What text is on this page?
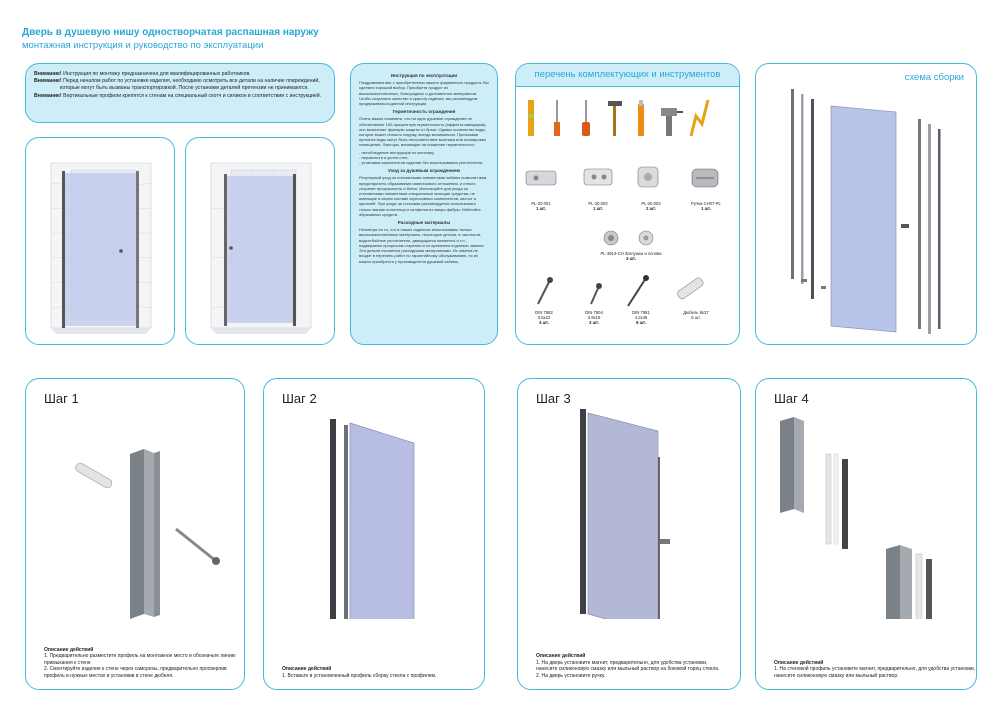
Дверь в душевую нишу одностворчатая распашная наружу
монтажная инструкция и руководство по эксплуатации
Внимание! Инструкция по монтажу предназначена для квалифицированных работников.
Внимание! Перед началом работ по установке изделия, необходимо осмотреть все детали на наличие повреждений,
которые могут быть вызваны транспортировкой. После установки деталей претензии не принимаются.
Внимание! Вертикальные профили крепятся к стенам на специальный скотч и силикон в соответствии с инструкцией.
Инструкция по эксплуатации

Поздравляем вас с приобретением нашего фирменного продукта. Вы сделали хороший выбор. Приобретя продукт из высококачественных, благородных и долговечных материалов. Чтобы сохранить качество и красоту изделия, мы рекомендуем придерживаться данной инструкции.

Герметичность ограждения

Очень важно понимать, что ни одно душевое ограждение не обеспечивает 100-процентную герметичность (эффекта аквариума), оно выполняет функцию защиты от брызг. Однако количество воды, которое может попасть наружу, всегда минимально. Причинами протечек воды могут быть несоответствие монтажа или планировки помещения. Факторы, влияющие на снижение герметичности:

- несоблюдение инструкции по монтажу;
- неровности и уклон стен;
- установка компонентов изделия без использования уплотнителя.
Уход за душевым ограждением

Регулярный уход за стеклянными элементами кабины позволит вам предотвратить образование известкового отложения, и стекло сохранит прозрачность и блеск. Используйте для ухода за стеклянными элементами специальные моющие средства, не имеющие в своем составе агрессивных компонентов, кислот и щелочей. При уходе за стеклами рекомендуется использовать только мягкие полотенца и салфетки из микро-фибры. Избегайте абразивных средств.

Расходные материалы

Несмотря на то, что в наших изделиях использованы только высококачественные материалы, некоторые детали, в частности, водоотбойные уплотнители, движущиеся элементы и т.п., подвержены процессам старения и со временем подлежат замене. Эти детали считаются расходными материалами. Их замена не входит в перечень работ по гарантийному обслуживанию, но их можно приобрести у производителя душевой кабины.

перечень комплектующих и инструментов
PL-20.001
1 шт.
PL-20.002
1 шт.
PL-20.003
2 шт.
Ручка CH07-PL
1 шт.
PL-3913-CH Заглушка и основа
3 шт.
DIN 7982
3.5х22
4 шт.
DIN 7504
3.9х16
3 шт.
DIN 7981
4.2х45
6 шт.
Дюбель 8х37
6 шт.
схема сборки
Шаг 1
Описание действий
1. Предварительно разместите профиль на монтажное место и обозначьте линию
примыкания к стене
2. Смонтируйте изделие к стене через саморезы, предварительно просверлив
профиль в нужных местах и установив в стене дюбеля.
Шаг 2
Описание действий
1. Вставьте в установленный профиль сборку стекла с профилем.
Шаг 3
Описание действий
1. На дверь установите магнит, предварительно, для удобства установки,
нанесите силиконовую смазку или мыльный раствор на боковой торец стекла.
2. На дверь установите ручку.
Шаг 4
Описание действий
1. На стеновой профиль установите магнит, предварительно, для удобства установки,
нанесите силиконовую смазку или мыльный раствор.
